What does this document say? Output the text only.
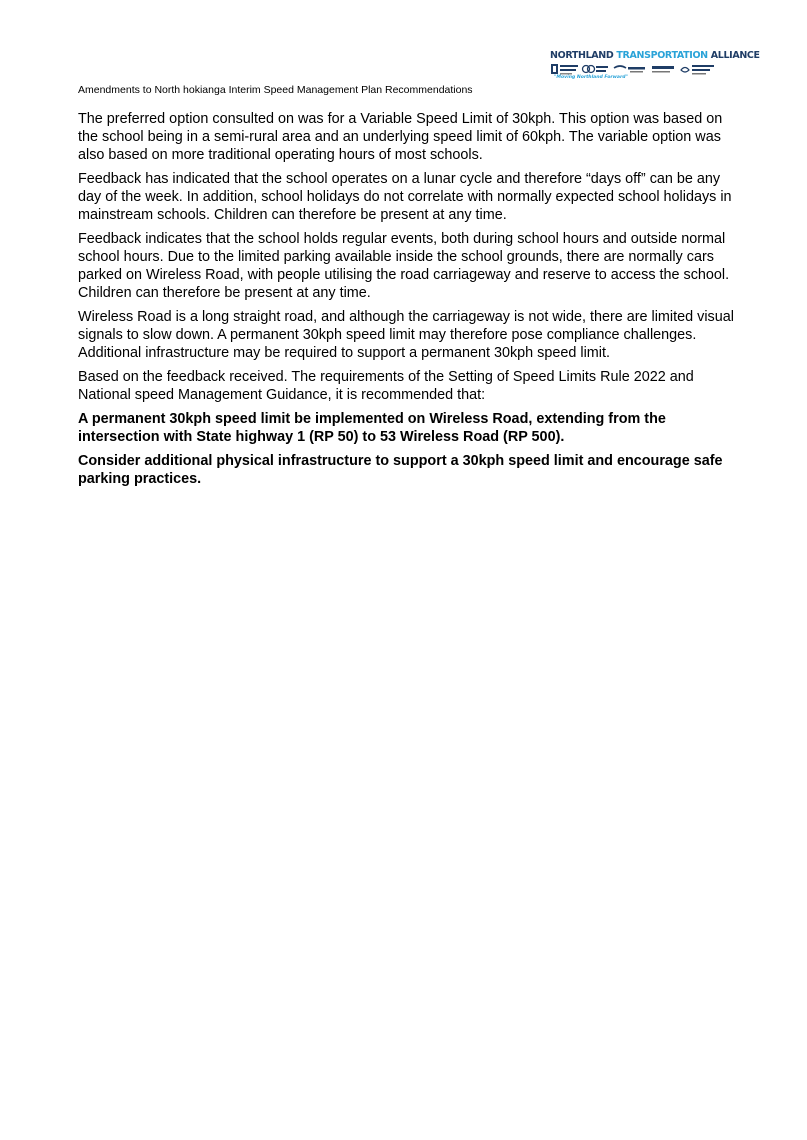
NORTHLAND TRANSPORTATION ALLIANCE
"Moving Northland Forward"
Amendments to North hokianga Interim Speed Management Plan Recommendations

The preferred option consulted on was for a Variable Speed Limit of 30kph. This option was based on the school being in a semi-rural area and an underlying speed limit of 60kph. The variable option was also based on more traditional operating hours of most schools.

Feedback has indicated that the school operates on a lunar cycle and therefore “days off” can be any day of the week. In addition, school holidays do not correlate with normally expected school holidays in mainstream schools. Children can therefore be present at any time.

Feedback indicates that the school holds regular events, both during school hours and outside normal school hours. Due to the limited parking available inside the school grounds, there are normally cars parked on Wireless Road, with people utilising the road carriageway and reserve to access the school. Children can therefore be present at any time.

Wireless Road is a long straight road, and although the carriageway is not wide, there are limited visual signals to slow down. A permanent 30kph speed limit may therefore pose compliance challenges. Additional infrastructure may be required to support a permanent 30kph speed limit.

Based on the feedback received. The requirements of the Setting of Speed Limits Rule 2022 and National speed Management Guidance, it is recommended that:

A permanent 30kph speed limit be implemented on Wireless Road, extending from the intersection with State highway 1 (RP 50) to 53 Wireless Road (RP 500).

Consider additional physical infrastructure to support a 30kph speed limit and encourage safe parking practices.
